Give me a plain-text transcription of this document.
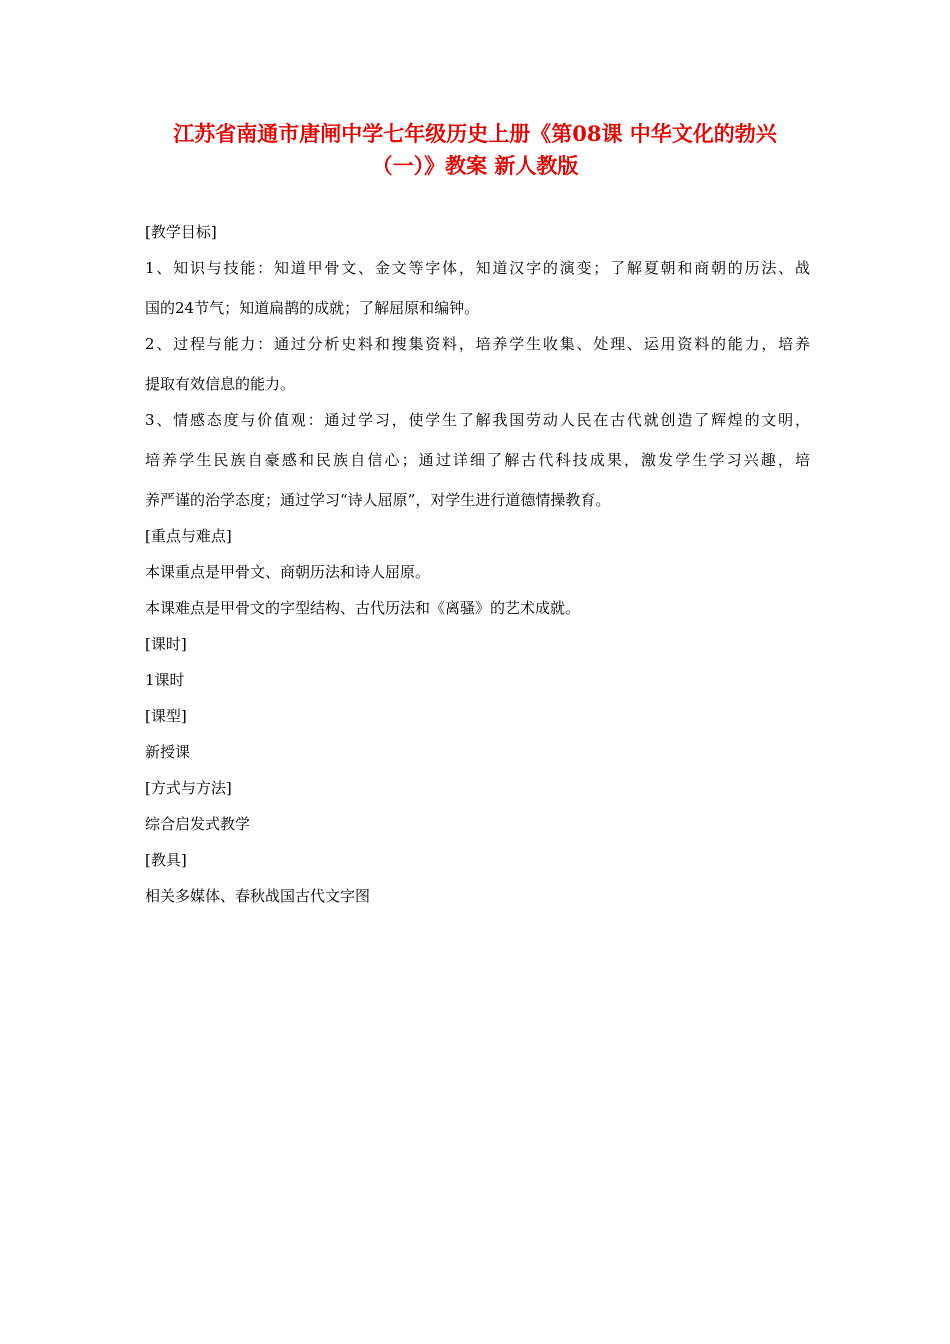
江苏省南通市唐闸中学七年级历史上册《第08课 中华文化的勃兴
（一）》教案 新人教版

[教学目标]

1、知识与技能：知道甲骨文、金文等字体，知道汉字的演变；了解夏朝和商朝的历法、战

国的24节气；知道扁鹊的成就；了解屈原和编钟。

2、过程与能力：通过分析史料和搜集资料，培养学生收集、处理、运用资料的能力，培养

提取有效信息的能力。

3、情感态度与价值观：通过学习，使学生了解我国劳动人民在古代就创造了辉煌的文明，

培养学生民族自豪感和民族自信心；通过详细了解古代科技成果，激发学生学习兴趣，培

养严谨的治学态度；通过学习“诗人屈原”，对学生进行道德情操教育。

[重点与难点]

本课重点是甲骨文、商朝历法和诗人屈原。

本课难点是甲骨文的字型结构、古代历法和《离骚》的艺术成就。

[课时]

1课时

[课型]

新授课

[方式与方法]

综合启发式教学

[教具]

相关多媒体、春秋战国古代文字图
